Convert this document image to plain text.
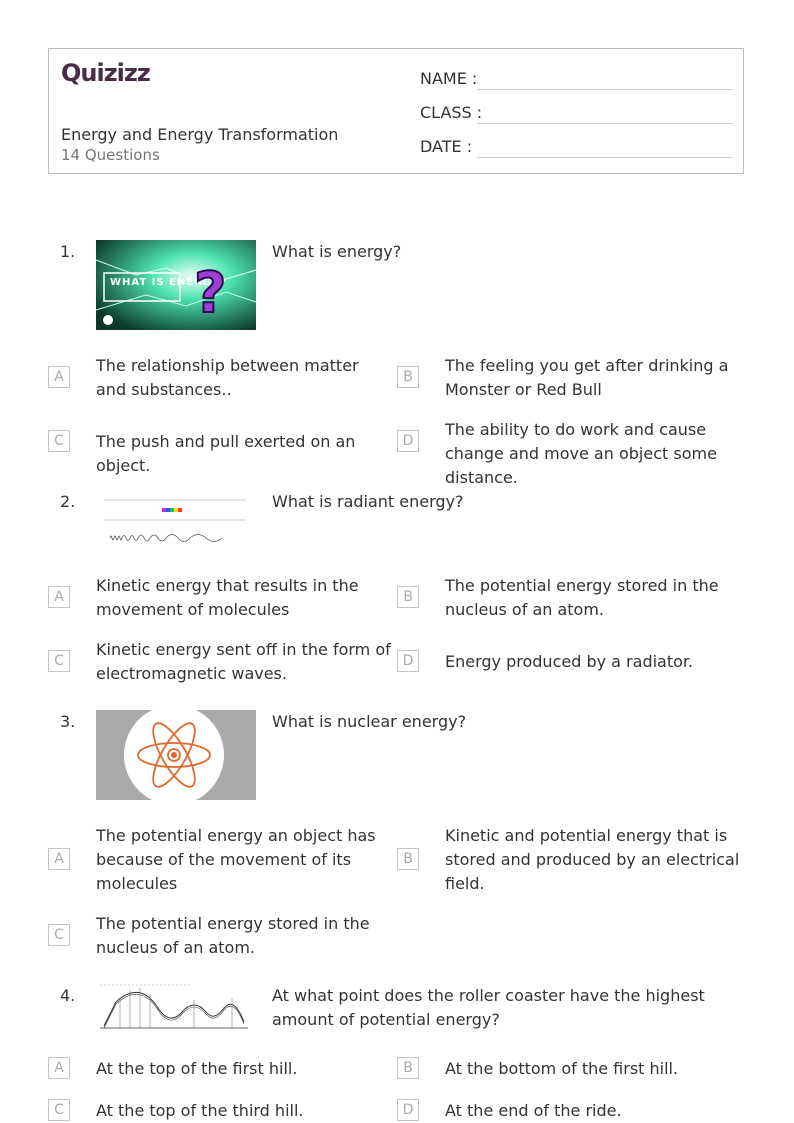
Quizizz
Energy and Energy Transformation
14 Questions
NAME :
CLASS :
DATE :
1.
WHAT IS ENERGY?
?
What is energy?
A
The relationship between matter and substances..
B
The feeling you get after drinking a Monster or Red Bull
C	The push and pull exerted on an object.
D
The ability to do work and cause change and move an object some distance.
2.	What is radiant energy?
A
Kinetic energy that results in the movement of molecules
B
The potential energy stored in the nucleus of an atom.
C
Kinetic energy sent off in the form of electromagnetic waves.
D	Energy produced by a radiator.
3.	What is nuclear energy?
A
The potential energy an object has because of the movement of its molecules
B
Kinetic and potential energy that is stored and produced by an electrical field.
C
The potential energy stored in the nucleus of an atom.
4.	At what point does the roller coaster have the highest amount of potential energy?
A	At the top of the first hill.	B	At the bottom of the first hill.
C	At the top of the third hill.	D	At the end of the ride.
